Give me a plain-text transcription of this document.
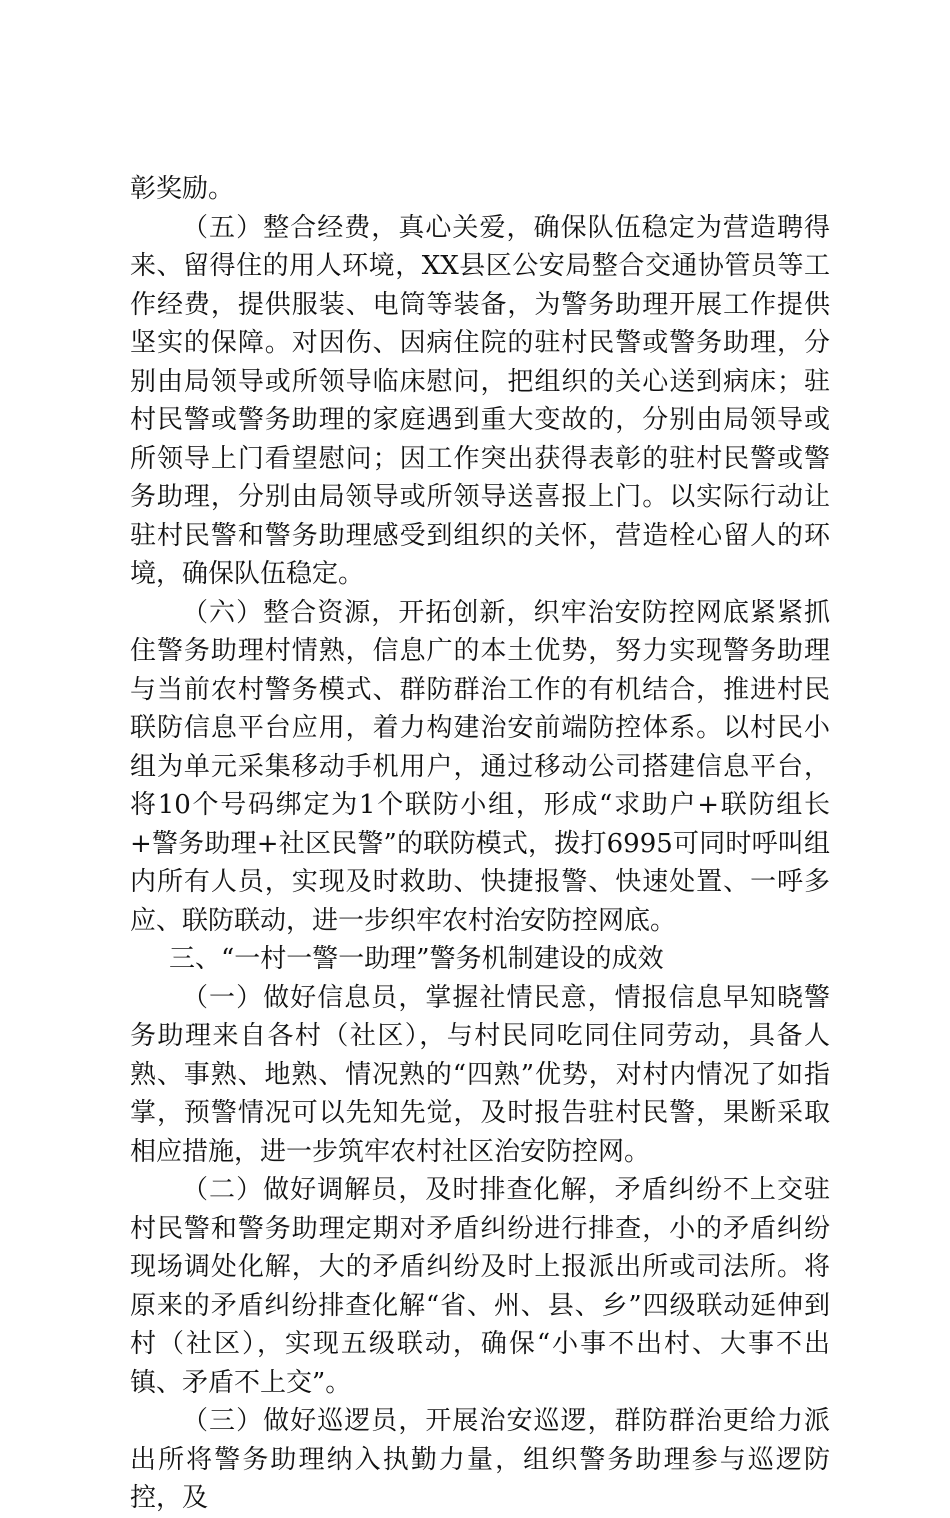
彰奖励。

（五）整合经费，真心关爱，确保队伍稳定为营造聘得来、留得住的用人环境，XX县区公安局整合交通协管员等工作经费，提供服装、电筒等装备，为警务助理开展工作提供坚实的保障。对因伤、因病住院的驻村民警或警务助理，分别由局领导或所领导临床慰问，把组织的关心送到病床；驻村民警或警务助理的家庭遇到重大变故的，分别由局领导或所领导上门看望慰问；因工作突出获得表彰的驻村民警或警务助理，分别由局领导或所领导送喜报上门。以实际行动让驻村民警和警务助理感受到组织的关怀，营造栓心留人的环境，确保队伍稳定。

（六）整合资源，开拓创新，织牢治安防控网底紧紧抓住警务助理村情熟，信息广的本土优势，努力实现警务助理与当前农村警务模式、群防群治工作的有机结合，推进村民联防信息平台应用，着力构建治安前端防控体系。以村民小组为单元采集移动手机用户，通过移动公司搭建信息平台，将10个号码绑定为1个联防小组，形成“求助户+联防组长+警务助理+社区民警”的联防模式，拨打6995可同时呼叫组内所有人员，实现及时救助、快捷报警、快速处置、一呼多应、联防联动，进一步织牢农村治安防控网底。

三、“一村一警一助理”警务机制建设的成效

（一）做好信息员，掌握社情民意，情报信息早知晓警务助理来自各村（社区），与村民同吃同住同劳动，具备人熟、事熟、地熟、情况熟的“四熟”优势，对村内情况了如指掌，预警情况可以先知先觉，及时报告驻村民警，果断采取相应措施，进一步筑牢农村社区治安防控网。

（二）做好调解员，及时排查化解，矛盾纠纷不上交驻村民警和警务助理定期对矛盾纠纷进行排查，小的矛盾纠纷现场调处化解，大的矛盾纠纷及时上报派出所或司法所。将原来的矛盾纠纷排查化解“省、州、县、乡”四级联动延伸到村（社区），实现五级联动，确保“小事不出村、大事不出镇、矛盾不上交”。

（三）做好巡逻员，开展治安巡逻，群防群治更给力派出所将警务助理纳入执勤力量，组织警务助理参与巡逻防控，及
